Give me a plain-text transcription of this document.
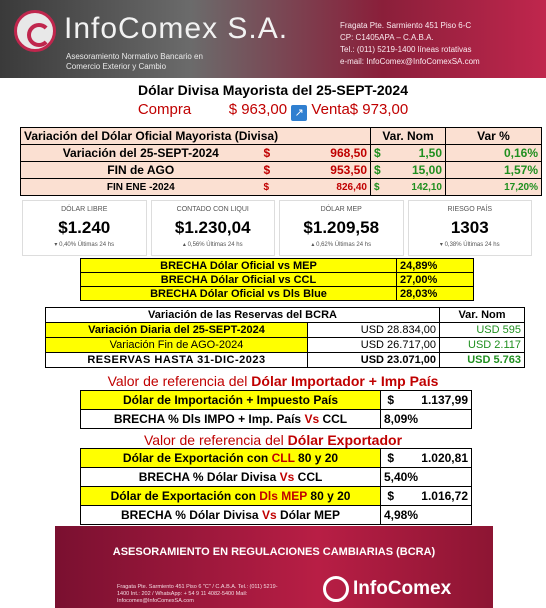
InfoComex S.A.
Asesoramiento Normativo Bancario en Comercio Exterior y Cambio
Fragata Pte. Sarmiento 451 Piso 6-C
CP: C1405APA – C.A.B.A.
Tel.: (011) 5219-1400 líneas rotativas
e-mail: InfoComex@InfoComexSA.com
Dólar Divisa Mayorista del 25-SEPT-2024
Compra	$ 963,00 ↗ Venta$ 973,00
Variación del Dólar Oficial Mayorista (Divisa)			Var. Nom		Var %
Variación del 25-SEPT-2024	$	968,50	$	1,50	0,16%
FIN de AGO	$	953,50	$	15,00	1,57%
FIN ENE -2024	$	826,40	$	142,10	17,20%
DÓLAR LIBRE
$1.240
▾ 0,40% Últimas 24 hs
CONTADO CON LIQUI
$1.230,04
▴ 0,56% Últimas 24 hs
DÓLAR MEP
$1.209,58
▴ 0,62% Últimas 24 hs
RIESGO PAÍS
1303
▾ 0,38% Últimas 24 hs
BRECHA Dólar Oficial vs MEP	24,89%
BRECHA Dólar Oficial vs CCL	27,00%
BRECHA Dólar Oficial vs Dls Blue	28,03%
Variación de las Reservas del BCRA		Var. Nom
Variación Diaria del 25-SEPT-2024	USD 28.834,00	USD 595
Variación Fin de AGO-2024	USD 26.717,00	USD 2.117
RESERVAS HASTA 31-DIC-2023	USD 23.071,00	USD 5.763
Valor de referencia del Dólar Importador + Imp País
Dólar de Importación + Impuesto País	$	1.137,99
BRECHA % Dls IMPO + Imp. País Vs CCL	8,09%	
Valor de referencia del Dólar Exportador
Dólar de Exportación con CLL 80 y 20	$	1.020,81
BRECHA % Dólar Divisa Vs CCL	5,40%	
Dólar de Exportación con Dls MEP 80 y 20	$	1.016,72
BRECHA % Dólar Divisa Vs Dólar MEP	4,98%	
ASESORAMIENTO EN REGULACIONES CAMBIARIAS (BCRA)
Fragata Pte. Sarmiento 451 Piso 6 "C" / C.A.B.A. Tel.: (011) 5219-1400 Int.: 202 / WhatsApp: + 54 9 11 4082-5400 Mail: Infocomex@InfoComexSA.com
InfoComex
